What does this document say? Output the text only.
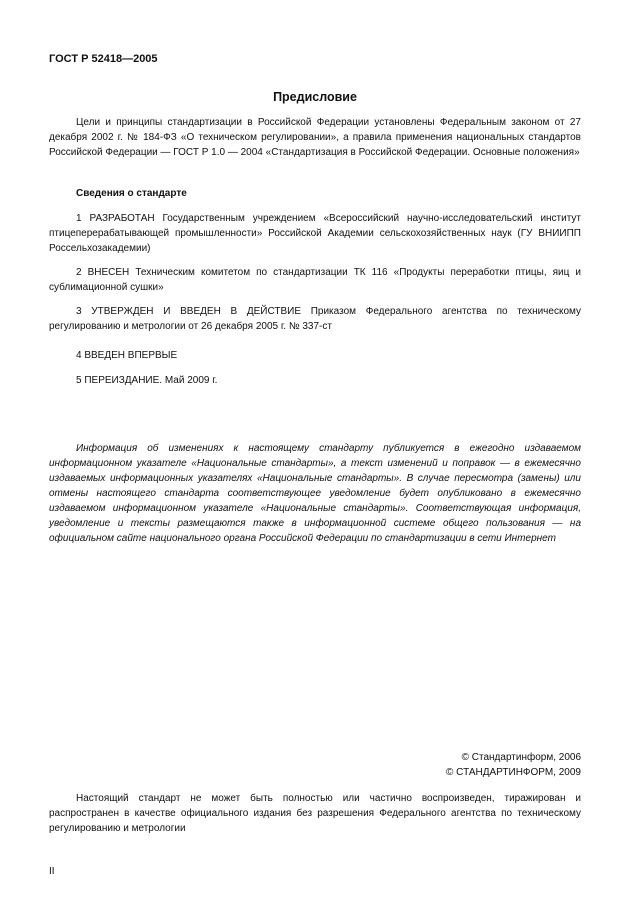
ГОСТ Р 52418—2005
Предисловие
Цели и принципы стандартизации в Российской Федерации установлены Федеральным законом от 27 декабря 2002 г. № 184-ФЗ «О техническом регулировании», а правила применения национальных стандартов Российской Федерации — ГОСТ Р 1.0 — 2004 «Стандартизация в Российской Федерации. Основные положения»
Сведения о стандарте
1 РАЗРАБОТАН Государственным учреждением «Всероссийский научно-исследовательский институт птицеперерабатывающей промышленности» Российской Академии сельскохозяйственных наук (ГУ ВНИИПП Россельхозакадемии)
2 ВНЕСЕН Техническим комитетом по стандартизации ТК 116 «Продукты переработки птицы, яиц и сублимационной сушки»
3 УТВЕРЖДЕН И ВВЕДЕН В ДЕЙСТВИЕ Приказом Федерального агентства по техническому регулированию и метрологии от 26 декабря 2005 г. № 337-ст
4 ВВЕДЕН ВПЕРВЫЕ
5 ПЕРЕИЗДАНИЕ. Май 2009 г.
Информация об изменениях к настоящему стандарту публикуется в ежегодно издаваемом информационном указателе «Национальные стандарты», а текст изменений и поправок — в ежемесячно издаваемых информационных указателях «Национальные стандарты». В случае пересмотра (замены) или отмены настоящего стандарта соответствующее уведомление будет опубликовано в ежемесячно издаваемом информационном указателе «Национальные стандарты». Соответствующая информация, уведомление и тексты размещаются также в информационной системе общего пользования — на официальном сайте национального органа Российской Федерации по стандартизации в сети Интернет
© Стандартинформ, 2006
© СТАНДАРТИНФОРМ, 2009
Настоящий стандарт не может быть полностью или частично воспроизведен, тиражирован и распространен в качестве официального издания без разрешения Федерального агентства по техническому регулированию и метрологии
II
